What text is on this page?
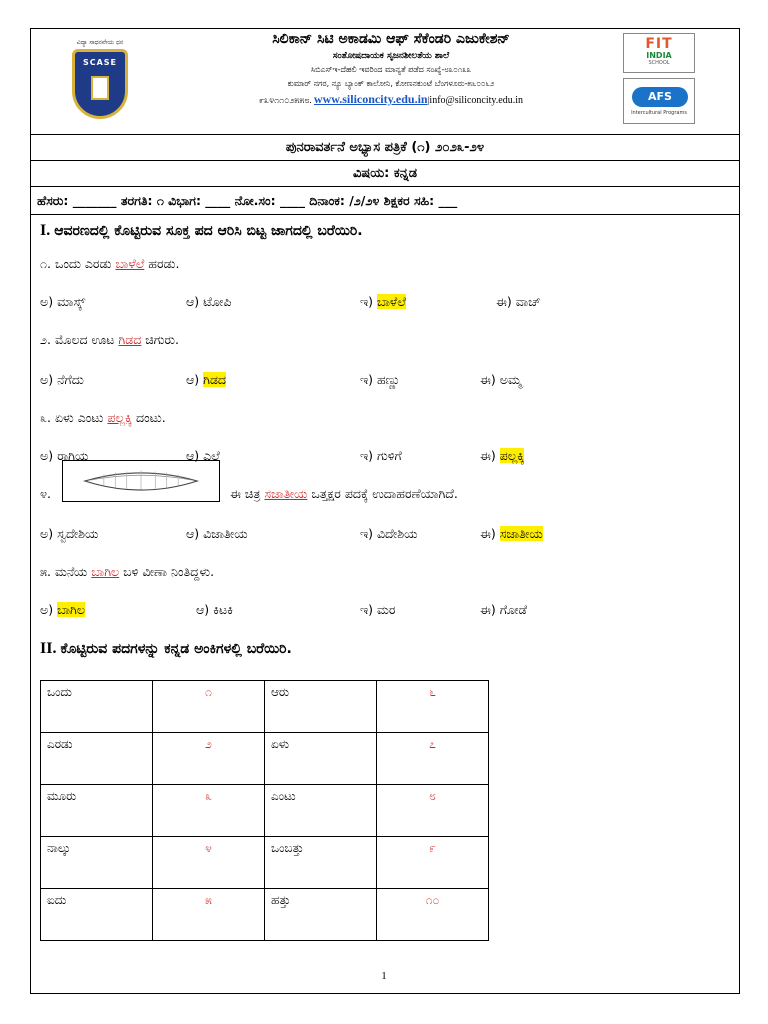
ವಿದ್ಯಾ ಸಾಧನವೇಯ ಧನ
SCASE
ಸಿಲಿಕಾನ್ ಸಿಟಿ ಅಕಾಡಮಿ ಆಫ್ ಸೆಕೆಂಡರಿ ಎಜುಕೇಶನ್
ಸಂತೋಷದಾಯಕ ಸೃಜನಶೀಲತೆಯ ಶಾಲೆ
ಸಿಬಿಎಸ್‌ಇ-ದೆಹಲಿ ಇವರಿಂದ ಮಾನ್ಯತೆ ಪಡೆದ ಸಂಖ್ಯೆ-೮೩೦೧೩೩
ಕುಮಾರ್ ನಗರ, ನ್ಯೂ ಬ್ಯಾಂಕ್ ಕಾಲೋನಿ, ಕೋಣನಕುಂಟೆ ಬೆಂಗಳೂರು-೫೬೦೦೬೨
೯೩೪೧೧೦೨೫೫೮. www.siliconcity.edu.in|info@siliconcity.edu.in
FIT
INDIA
SCHOOL
AFS
Intercultural Programs
ಪುನರಾವರ್ತನೆ ಅಭ್ಯಾಸ ಪತ್ರಿಕೆ (೧) ೨೦೨೩-೨೪
ವಿಷಯ: ಕನ್ನಡ
ಹೆಸರು: _______ ತರಗತಿ: ೧ ವಿಭಾಗ: ____ ನೋ.ಸಂ: ____ ದಿನಾಂಕ: /೨/೨೪ ಶಿಕ್ಷಕರ ಸಹಿ: ___
I. ಆವರಣದಲ್ಲಿ ಕೊಟ್ಟಿರುವ ಸೂಕ್ತ ಪದ ಆರಿಸಿ ಬಿಟ್ಟ ಜಾಗದಲ್ಲಿ ಬರೆಯಿರಿ.
೧. ಒಂದು ಎರಡು ಬಾಳೆಲೆ ಹರಡು.
ಅ) ಮಾಸ್ಕ್	ಆ) ಟೋಪಿ	ಇ) ಬಾಳೆಲೆ	ಈ) ವಾಚ್
೨. ಮೊಲದ ಊಟ ಗಿಡದ ಚಿಗುರು.
ಅ) ನೆಗೆದು	ಆ) ಗಿಡದ	ಇ) ಹಣ್ಣು	ಈ) ಅಮ್ಮ
೩. ಏಳು ಎಂಟು ಪಲ್ಲಕ್ಕಿ ದಂಟು.
ಅ) ರಾಗಿಯ	ಆ) ಎಲೆ	ಇ) ಗುಳಿಗೆ	ಈ) ಪಲ್ಲಕ್ಕಿ
೪.	ಈ ಚಿತ್ರ ಸಜಾತೀಯ ಒತ್ತಕ್ಷರ ಪದಕ್ಕೆ ಉದಾಹರಣೆಯಾಗಿದೆ.
ಅ) ಸ್ವದೇಶಿಯ	ಆ) ವಿಜಾತೀಯ	ಇ) ವಿದೇಶಿಯ	ಈ) ಸಜಾತೀಯ
೫. ಮನೆಯ ಬಾಗಿಲ ಬಳಿ ವೀಣಾ ನಿಂತಿದ್ದಳು.
ಅ) ಬಾಗಿಲ	ಆ) ಕಿಟಕಿ	ಇ) ಮರ	ಈ) ಗೋಡೆ
II. ಕೊಟ್ಟಿರುವ ಪದಗಳನ್ನು ಕನ್ನಡ ಅಂಕಿಗಳಲ್ಲಿ ಬರೆಯಿರಿ.
ಒಂದು	೧	ಆರು	೬
ಎರಡು	೨	ಏಳು	೭
ಮೂರು	೩	ಎಂಟು	೮
ನಾಲ್ಕು	೪	ಒಂಬತ್ತು	೯
ಐದು	೫	ಹತ್ತು	೧೦
1
